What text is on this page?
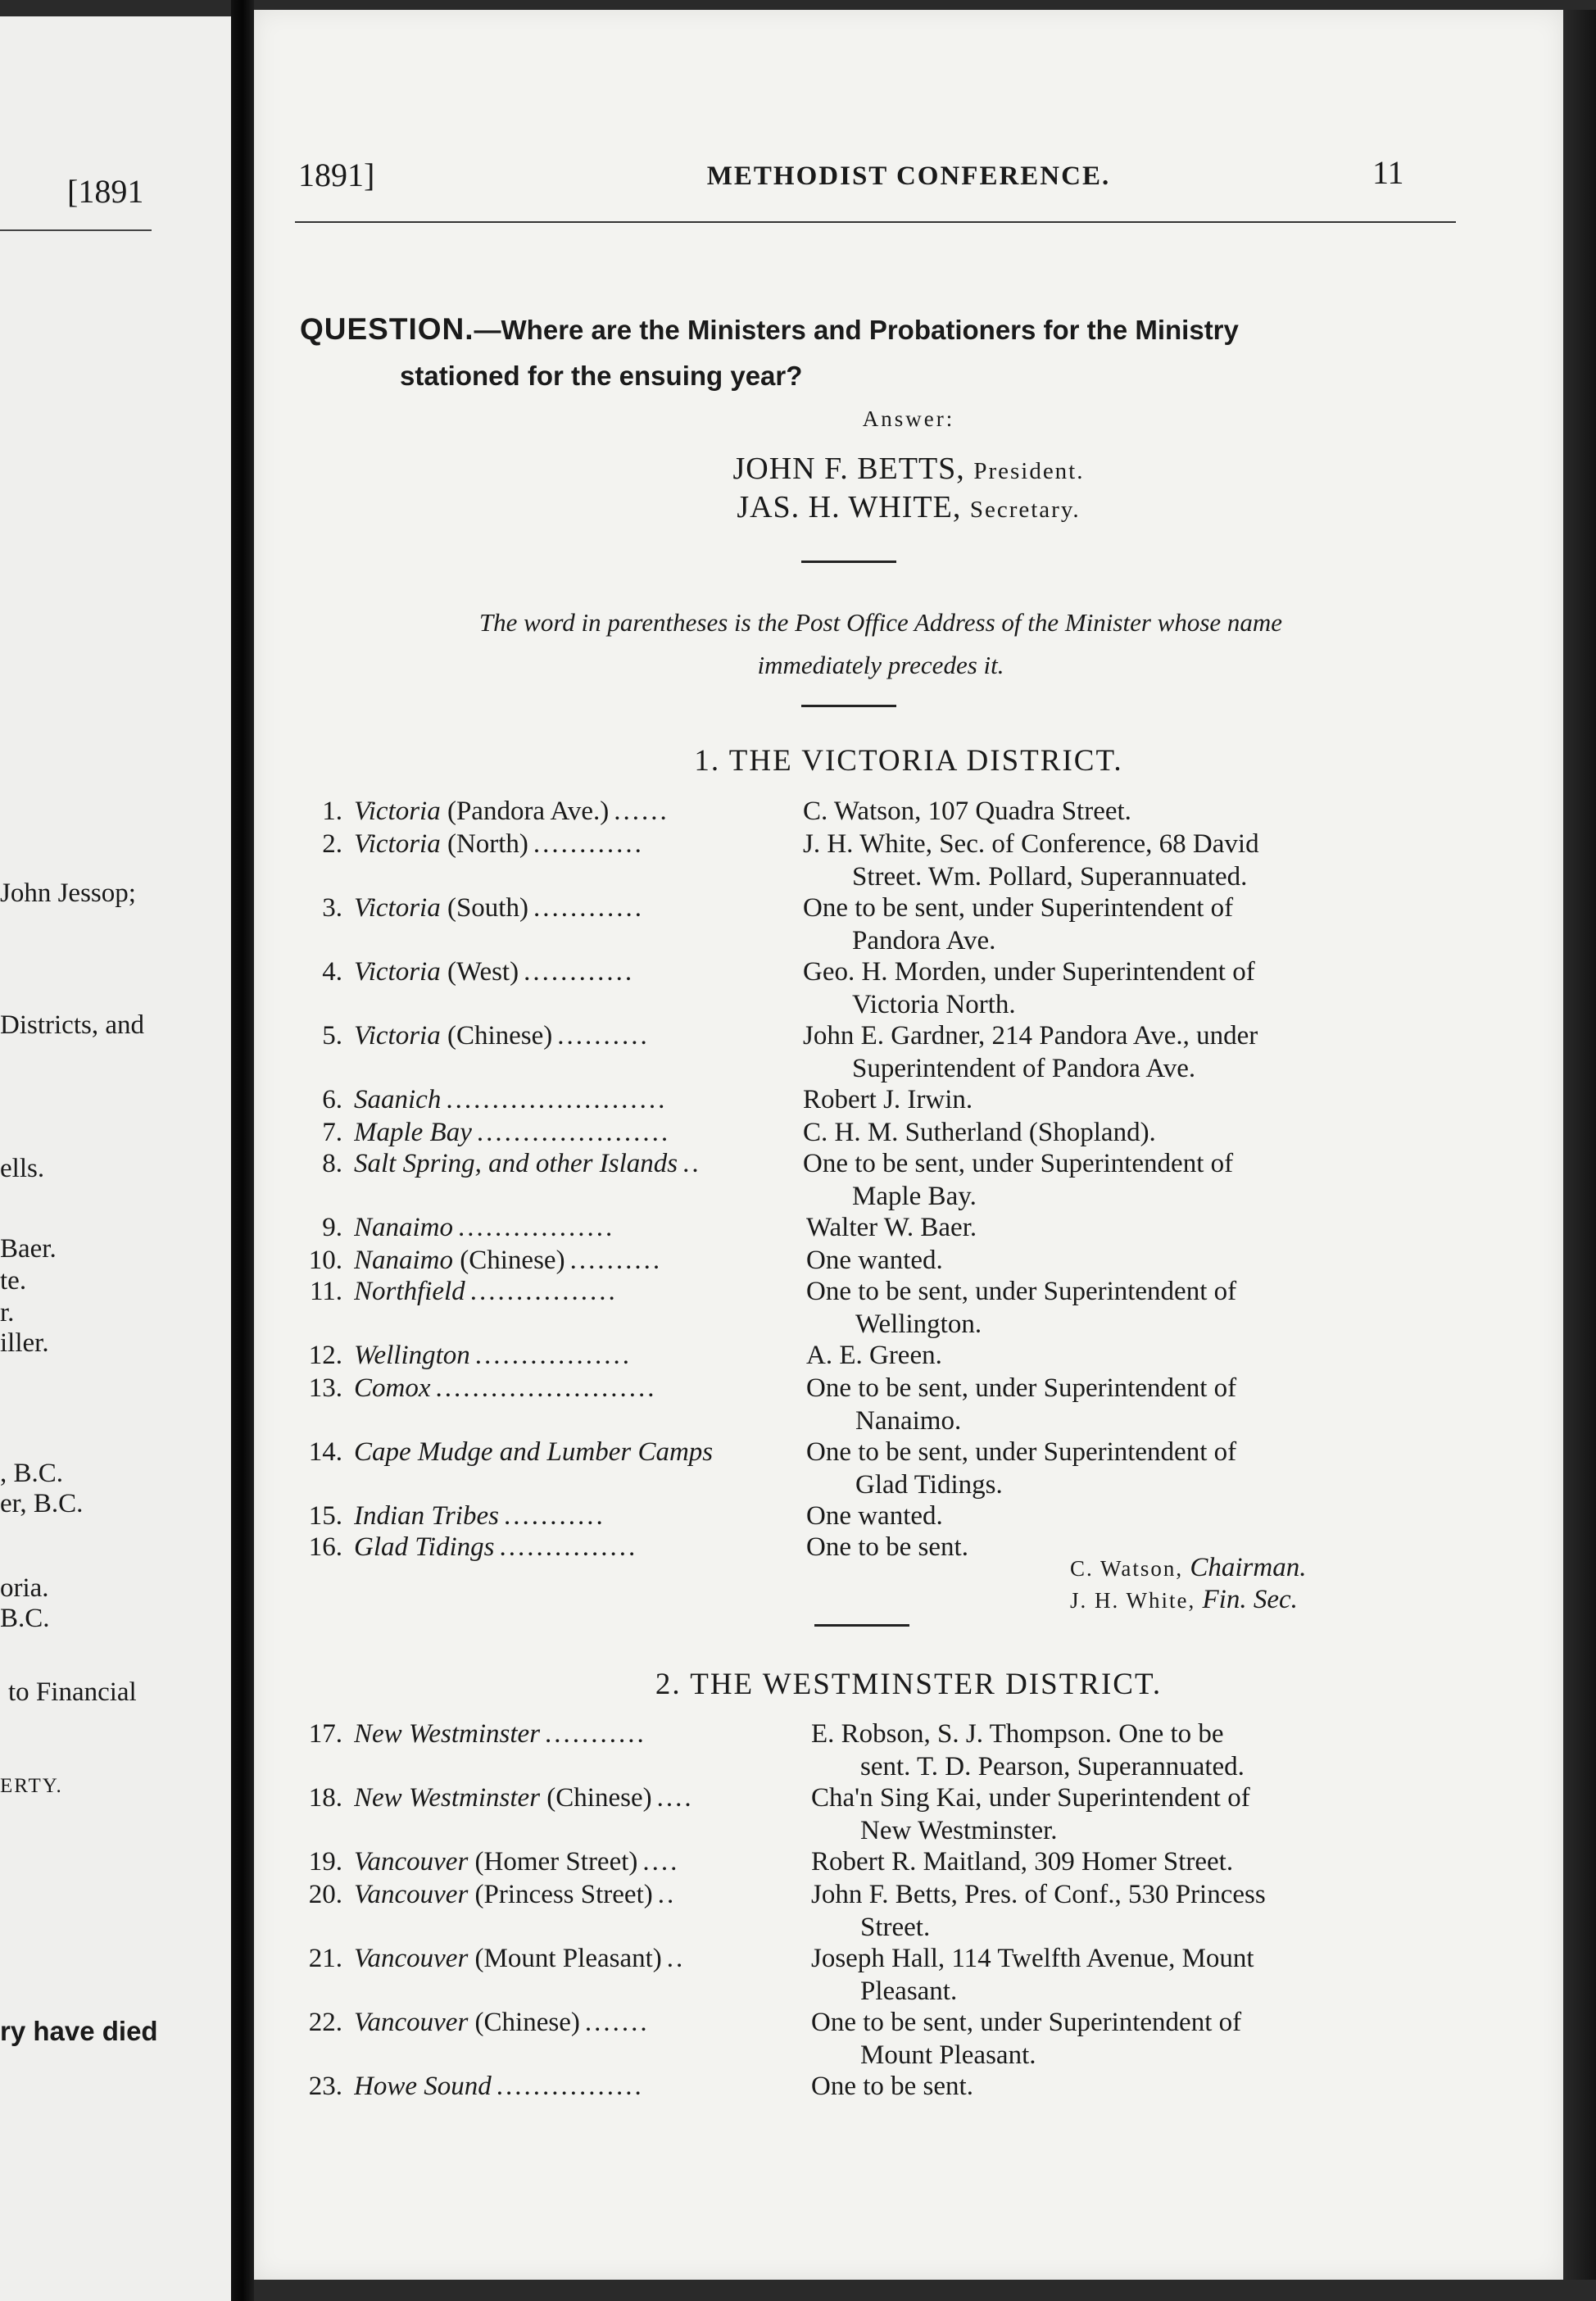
[1891
John Jessop;
Districts, and
ells.
Baer.
te.
r.
iller.
, B.C.
er, B.C.
oria.
B.C.
to Financial
ERTY.
ry have died
1891]	METHODIST CONFERENCE.	11
QUESTION.—Where are the Ministers and Probationers for the Ministry
stationed for the ensuing year?
Answer:
JOHN F. BETTS, President.
JAS. H. WHITE, Secretary.
The word in parentheses is the Post Office Address of the Minister whose name
immediately precedes it.
1. THE VICTORIA DISTRICT.
1. Victoria (Pandora Ave.) ......	C. Watson, 107 Quadra Street.
2. Victoria (North) ............	J. H. White, Sec. of Conference, 68 David
Street. Wm. Pollard, Superannuated.
3. Victoria (South) ............	One to be sent, under Superintendent of
Pandora Ave.
4. Victoria (West) ............	Geo. H. Morden, under Superintendent of
Victoria North.
5. Victoria (Chinese) ..........	John E. Gardner, 214 Pandora Ave., under
Superintendent of Pandora Ave.
6. Saanich ........................	Robert J. Irwin.
7. Maple Bay .....................	C. H. M. Sutherland (Shopland).
8. Salt Spring, and other Islands ..	One to be sent, under Superintendent of
Maple Bay.
9. Nanaimo .................	Walter W. Baer.
10. Nanaimo (Chinese) ..........	One wanted.
11. Northfield ................	One to be sent, under Superintendent of
Wellington.
12. Wellington .................	A. E. Green.
13. Comox ........................	One to be sent, under Superintendent of
Nanaimo.
14. Cape Mudge and Lumber Camps	One to be sent, under Superintendent of
Glad Tidings.
15. Indian Tribes ...........	One wanted.
16. Glad Tidings ...............	One to be sent.
C. Watson, Chairman.
J. H. White, Fin. Sec.
2. THE WESTMINSTER DISTRICT.
17. New Westminster ...........	E. Robson, S. J. Thompson. One to be
sent. T. D. Pearson, Superannuated.
18. New Westminster (Chinese) ....	Cha'n Sing Kai, under Superintendent of
New Westminster.
19. Vancouver (Homer Street) ....	Robert R. Maitland, 309 Homer Street.
20. Vancouver (Princess Street) ..	John F. Betts, Pres. of Conf., 530 Princess
Street.
21. Vancouver (Mount Pleasant) ..	Joseph Hall, 114 Twelfth Avenue, Mount
Pleasant.
22. Vancouver (Chinese) .......	One to be sent, under Superintendent of
Mount Pleasant.
23. Howe Sound ................	One to be sent.
